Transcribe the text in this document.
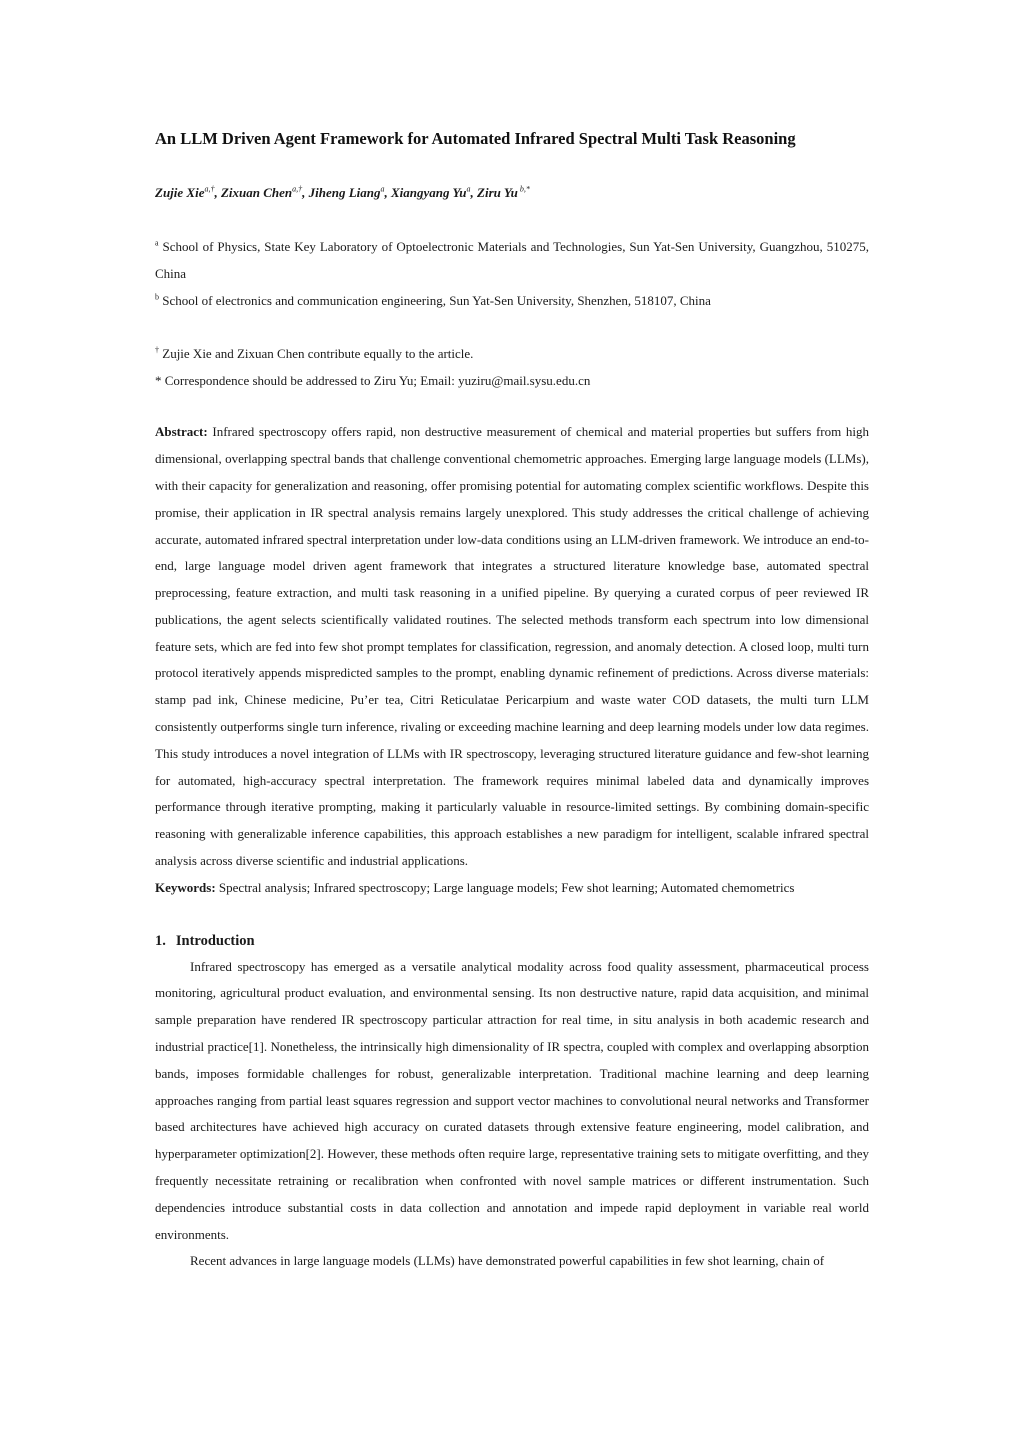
An LLM Driven Agent Framework for Automated Infrared Spectral Multi Task Reasoning
Zujie Xie$^{a,\dagger}$, Zixuan Chen$^{a,\dagger}$, Jiheng Liang$^a$, Xiangyang Yu$^a$, Ziru Yu $^{b,*}$
$^a$ School of Physics, State Key Laboratory of Optoelectronic Materials and Technologies, Sun Yat-Sen University, Guangzhou, 510275, China
$^b$ School of electronics and communication engineering, Sun Yat-Sen University, Shenzhen, 518107, China
† Zujie Xie and Zixuan Chen contribute equally to the article.
* Correspondence should be addressed to Ziru Yu; Email: yuziru@mail.sysu.edu.cn
Abstract: Infrared spectroscopy offers rapid, non destructive measurement of chemical and material properties but suffers from high dimensional, overlapping spectral bands that challenge conventional chemometric approaches. Emerging large language models (LLMs), with their capacity for generalization and reasoning, offer promising potential for automating complex scientific workflows. Despite this promise, their application in IR spectral analysis remains largely unexplored. This study addresses the critical challenge of achieving accurate, automated infrared spectral interpretation under low-data conditions using an LLM-driven framework. We introduce an end-to-end, large language model driven agent framework that integrates a structured literature knowledge base, automated spectral preprocessing, feature extraction, and multi task reasoning in a unified pipeline. By querying a curated corpus of peer reviewed IR publications, the agent selects scientifically validated routines. The selected methods transform each spectrum into low dimensional feature sets, which are fed into few shot prompt templates for classification, regression, and anomaly detection. A closed loop, multi turn protocol iteratively appends mispredicted samples to the prompt, enabling dynamic refinement of predictions. Across diverse materials: stamp pad ink, Chinese medicine, Pu’er tea, Citri Reticulatae Pericarpium and waste water COD datasets, the multi turn LLM consistently outperforms single turn inference, rivaling or exceeding machine learning and deep learning models under low data regimes. This study introduces a novel integration of LLMs with IR spectroscopy, leveraging structured literature guidance and few-shot learning for automated, high-accuracy spectral interpretation. The framework requires minimal labeled data and dynamically improves performance through iterative prompting, making it particularly valuable in resource-limited settings. By combining domain-specific reasoning with generalizable inference capabilities, this approach establishes a new paradigm for intelligent, scalable infrared spectral analysis across diverse scientific and industrial applications.
Keywords: Spectral analysis; Infrared spectroscopy; Large language models; Few shot learning; Automated chemometrics
1. Introduction
Infrared spectroscopy has emerged as a versatile analytical modality across food quality assessment, pharmaceutical process monitoring, agricultural product evaluation, and environmental sensing. Its non destructive nature, rapid data acquisition, and minimal sample preparation have rendered IR spectroscopy particular attraction for real time, in situ analysis in both academic research and industrial practice[1]. Nonetheless, the intrinsically high dimensionality of IR spectra, coupled with complex and overlapping absorption bands, imposes formidable challenges for robust, generalizable interpretation. Traditional machine learning and deep learning approaches ranging from partial least squares regression and support vector machines to convolutional neural networks and Transformer based architectures have achieved high accuracy on curated datasets through extensive feature engineering, model calibration, and hyperparameter optimization[2]. However, these methods often require large, representative training sets to mitigate overfitting, and they frequently necessitate retraining or recalibration when confronted with novel sample matrices or different instrumentation. Such dependencies introduce substantial costs in data collection and annotation and impede rapid deployment in variable real world environments.
Recent advances in large language models (LLMs) have demonstrated powerful capabilities in few shot learning, chain of
